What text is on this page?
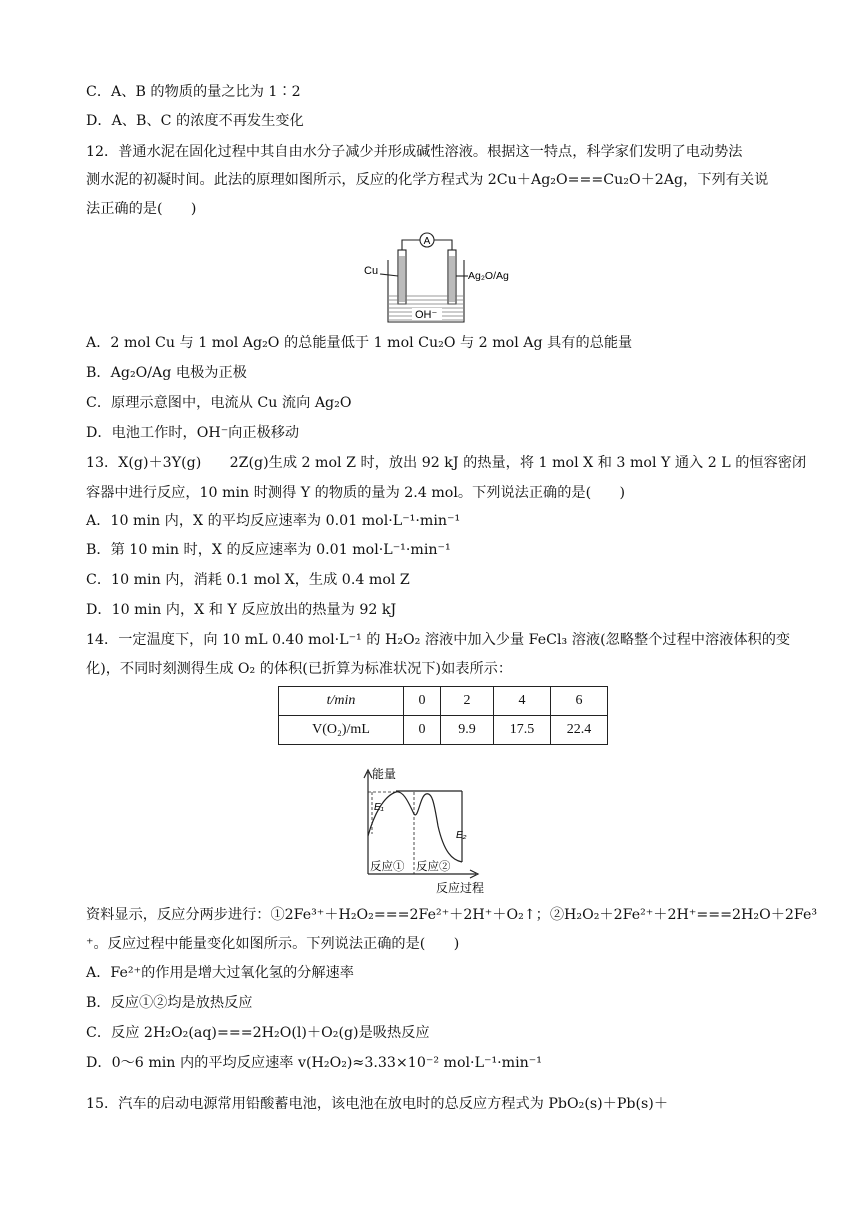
C．A、B 的物质的量之比为 1∶2
D．A、B、C 的浓度不再发生变化
12．普通水泥在固化过程中其自由水分子减少并形成碱性溶液。根据这一特点，科学家们发明了电动势法
测水泥的初凝时间。此法的原理如图所示，反应的化学方程式为 2Cu＋Ag₂O===Cu₂O＋2Ag，下列有关说
法正确的是(　　)
A
Cu	Ag₂O/Ag
OH⁻
A．2 mol Cu 与 1 mol Ag₂O 的总能量低于 1 mol Cu₂O 与 2 mol Ag 具有的总能量
B．Ag₂O/Ag 电极为正极
C．原理示意图中，电流从 Cu 流向 Ag₂O
D．电池工作时，OH⁻向正极移动
13．X(g)＋3Y(g)　　2Z(g)生成 2 mol Z 时，放出 92 kJ 的热量，将 1 mol X 和 3 mol Y 通入 2 L 的恒容密闭
容器中进行反应，10 min 时测得 Y 的物质的量为 2.4 mol。下列说法正确的是(　　)
A．10 min 内，X 的平均反应速率为 0.01 mol·L⁻¹·min⁻¹
B．第 10 min 时，X 的反应速率为 0.01 mol·L⁻¹·min⁻¹
C．10 min 内，消耗 0.1 mol X，生成 0.4 mol Z
D．10 min 内，X 和 Y 反应放出的热量为 92 kJ
14．一定温度下，向 10 mL 0.40 mol·L⁻¹ 的 H₂O₂ 溶液中加入少量 FeCl₃ 溶液(忽略整个过程中溶液体积的变
化)，不同时刻测得生成 O₂ 的体积(已折算为标准状况下)如表所示：
t/min	0	2	4	6
V(O₂)/mL	0	9.9	17.5	22.4
能量
E₁
E₂
反应① 反应②
反应过程
资料显示，反应分两步进行：①2Fe³⁺＋H₂O₂===2Fe²⁺＋2H⁺＋O₂↑；②H₂O₂＋2Fe²⁺＋2H⁺===2H₂O＋2Fe³
⁺。反应过程中能量变化如图所示。下列说法正确的是(　　)
A．Fe²⁺的作用是增大过氧化氢的分解速率
B．反应①②均是放热反应
C．反应 2H₂O₂(aq)===2H₂O(l)＋O₂(g)是吸热反应
D．0～6 min 内的平均反应速率 v(H₂O₂)≈3.33×10⁻² mol·L⁻¹·min⁻¹
15．汽车的启动电源常用铅酸蓄电池，该电池在放电时的总反应方程式为 PbO₂(s)＋Pb(s)＋
